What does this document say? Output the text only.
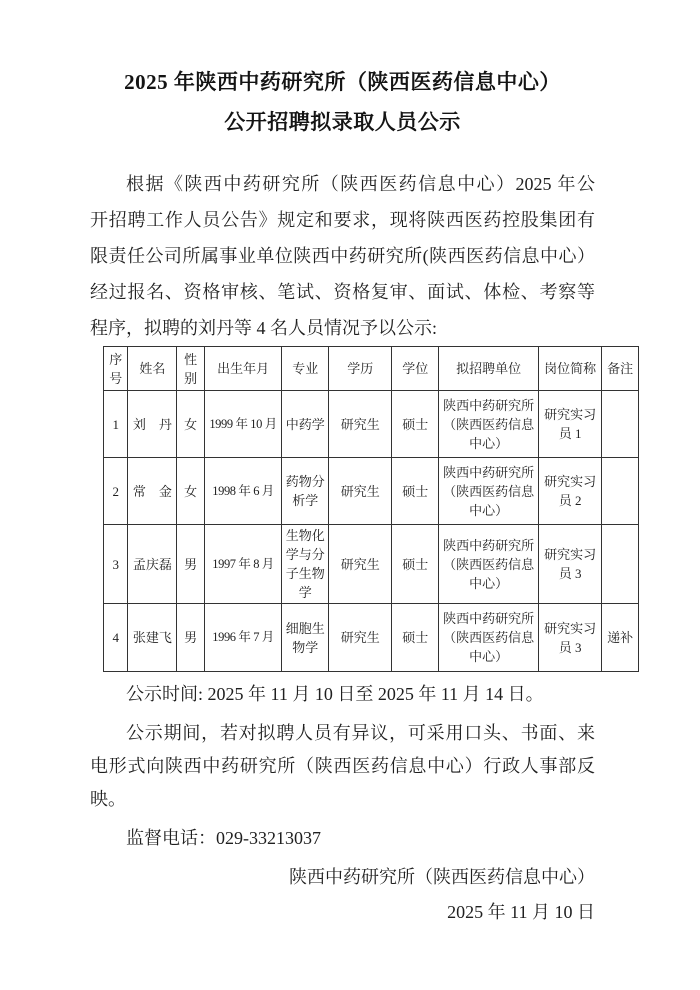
2025 年陕西中药研究所（陕西医药信息中心）
公开招聘拟录取人员公示
根据《陕西中药研究所（陕西医药信息中心）2025 年公
开招聘工作人员公告》规定和要求，现将陕西医药控股集团有
限责任公司所属事业单位陕西中药研究所(陕西医药信息中心）
经过报名、资格审核、笔试、资格复审、面试、体检、考察等
程序，拟聘的刘丹等 4 名人员情况予以公示:
序号	姓名	性别	出生年月	专业	学历	学位	拟招聘单位	岗位简称	备注
1	刘　丹	女	1999 年 10 月	中药学	研究生	硕士	陕西中药研究所（陕西医药信息中心）	研究实习员 1	
2	常　金	女	1998 年 6 月	药物分析学	研究生	硕士	陕西中药研究所（陕西医药信息中心）	研究实习员 2	
3	孟庆磊	男	1997 年 8 月	生物化学与分子生物学	研究生	硕士	陕西中药研究所（陕西医药信息中心）	研究实习员 3	
4	张建飞	男	1996 年 7 月	细胞生物学	研究生	硕士	陕西中药研究所（陕西医药信息中心）	研究实习员 3	递补
公示时间: 2025 年 11 月 10 日至 2025 年 11 月 14 日。
公示期间，若对拟聘人员有异议，可采用口头、书面、来
电形式向陕西中药研究所（陕西医药信息中心）行政人事部反
映。
监督电话：029-33213037
陕西中药研究所（陕西医药信息中心）
2025 年 11 月 10 日
